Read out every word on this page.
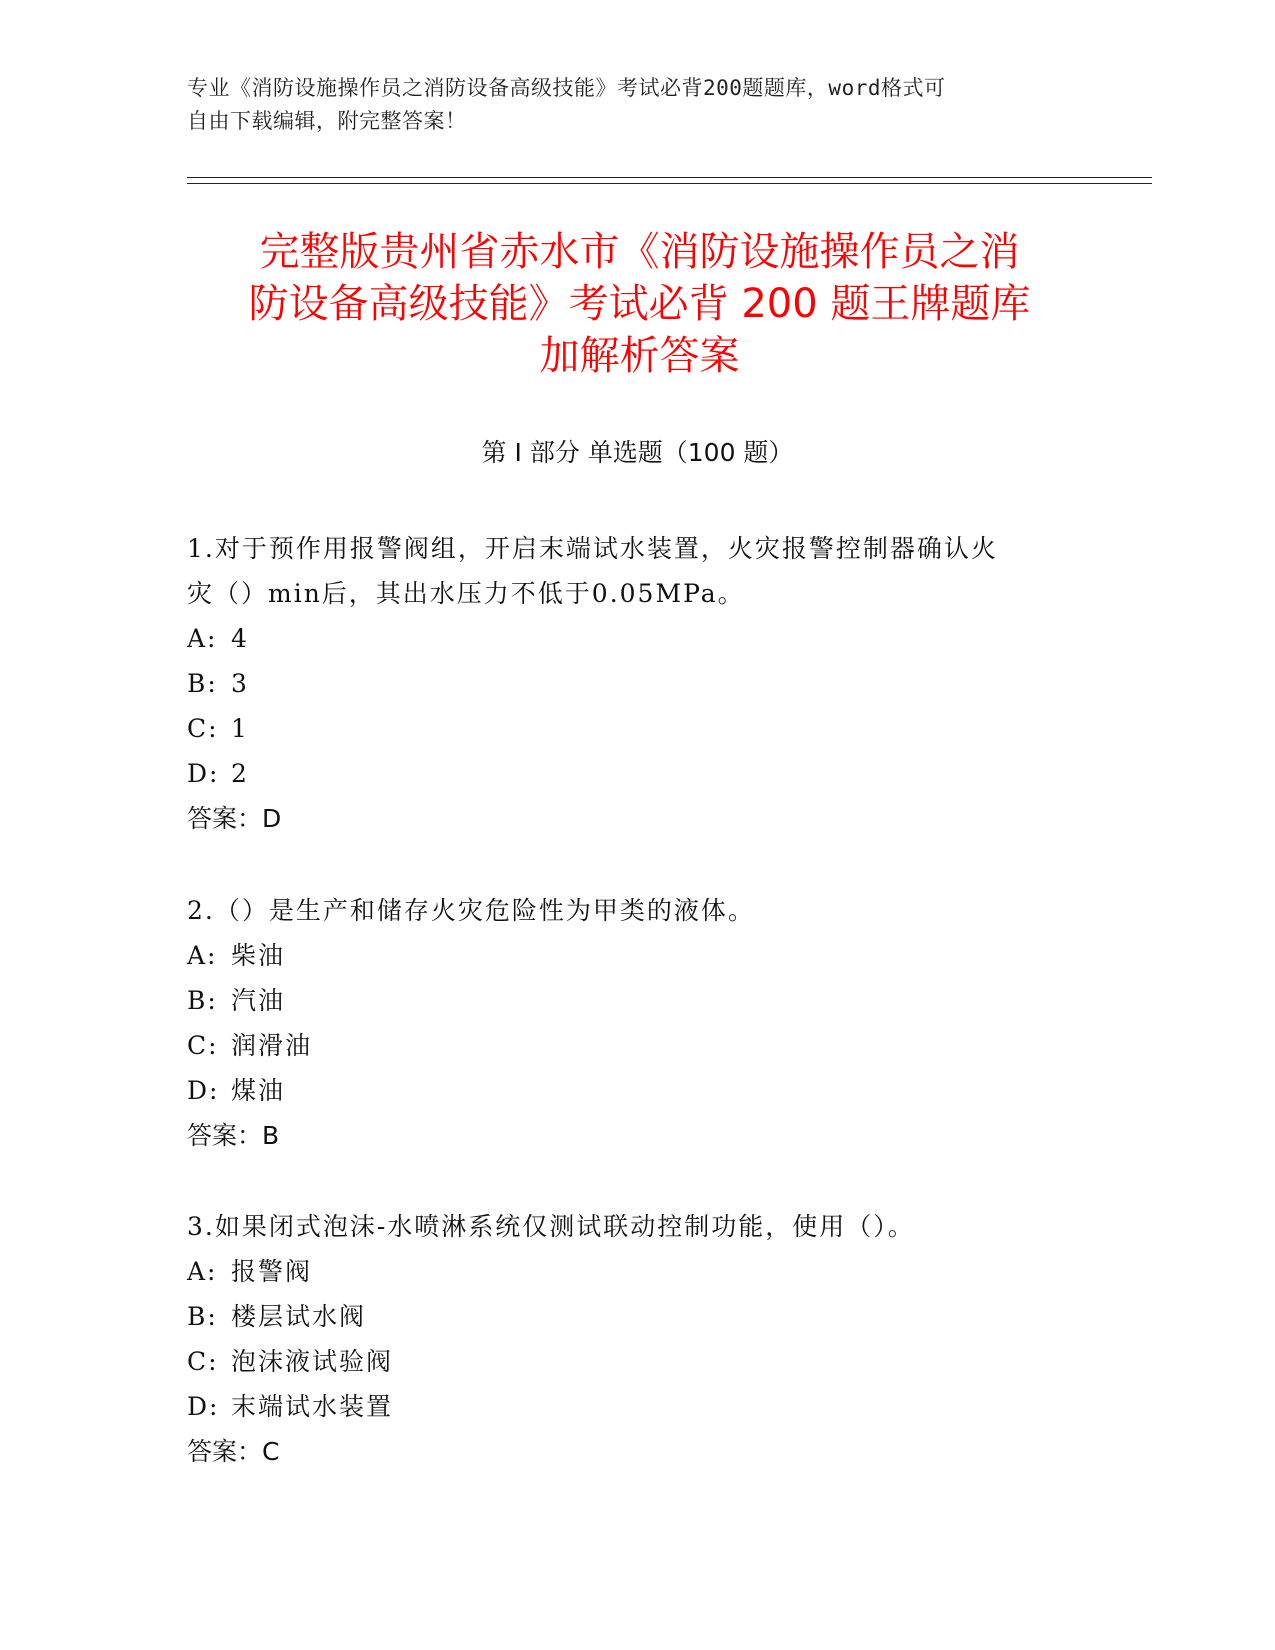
专业《消防设施操作员之消防设备高级技能》考试必背200题题库，word格式可
自由下载编辑，附完整答案！
完整版贵州省赤水市《消防设施操作员之消
防设备高级技能》考试必背 200 题王牌题库
加解析答案
第 I 部分 单选题（100 题）
1.对于预作用报警阀组，开启末端试水装置，火灾报警控制器确认火
灾（）min后，其出水压力不低于0.05MPa。
A: 4
B: 3
C: 1
D: 2
答案：D
2.（）是生产和储存火灾危险性为甲类的液体。
A: 柴油
B: 汽油
C: 润滑油
D: 煤油
答案：B
3.如果闭式泡沫-水喷淋系统仅测试联动控制功能，使用（）。
A: 报警阀
B: 楼层试水阀
C: 泡沫液试验阀
D: 末端试水装置
答案：C
